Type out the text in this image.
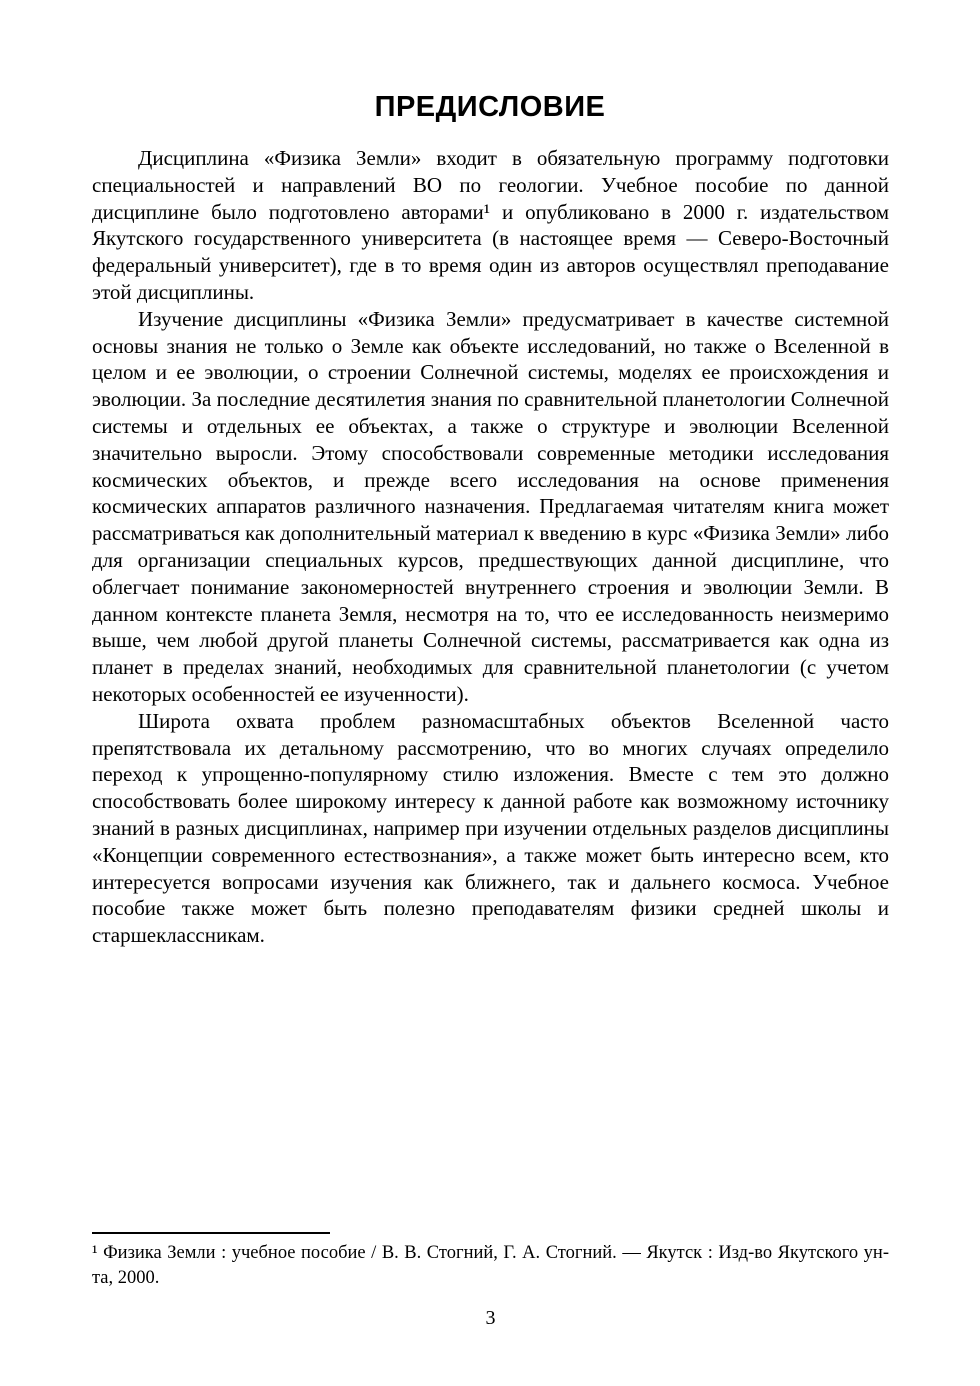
ПРЕДИСЛОВИЕ

Дисциплина «Физика Земли» входит в обязательную программу подготовки специальностей и направлений ВО по геологии. Учебное пособие по данной дисциплине было подготовлено авторами¹ и опубликовано в 2000 г. издательством Якутского государственного университета (в настоящее время — Северо-Восточный федеральный университет), где в то время один из авторов осуществлял преподавание этой дисциплины.

Изучение дисциплины «Физика Земли» предусматривает в качестве системной основы знания не только о Земле как объекте исследований, но также о Вселенной в целом и ее эволюции, о строении Солнечной системы, моделях ее происхождения и эволюции. За последние десятилетия знания по сравнительной планетологии Солнечной системы и отдельных ее объектах, а также о структуре и эволюции Вселенной значительно выросли. Этому способствовали современные методики исследования космических объектов, и прежде всего исследования на основе применения космических аппаратов различного назначения. Предлагаемая читателям книга может рассматриваться как дополнительный материал к введению в курс «Физика Земли» либо для организации специальных курсов, предшествующих данной дисциплине, что облегчает понимание закономерностей внутреннего строения и эволюции Земли. В данном контексте планета Земля, несмотря на то, что ее исследованность неизмеримо выше, чем любой другой планеты Солнечной системы, рассматривается как одна из планет в пределах знаний, необходимых для сравнительной планетологии (с учетом некоторых особенностей ее изученности).

Широта охвата проблем разномасштабных объектов Вселенной часто препятствовала их детальному рассмотрению, что во многих случаях определило переход к упрощенно-популярному стилю изложения. Вместе с тем это должно способствовать более широкому интересу к данной работе как возможному источнику знаний в разных дисциплинах, например при изучении отдельных разделов дисциплины «Концепции современного естествознания», а также может быть интересно всем, кто интересуется вопросами изучения как ближнего, так и дальнего космоса. Учебное пособие также может быть полезно преподавателям физики средней школы и старшеклассникам.

¹ Физика Земли : учебное пособие / В. В. Стогний, Г. А. Стогний. — Якутск : Изд-во Якутского ун-та, 2000.

3
